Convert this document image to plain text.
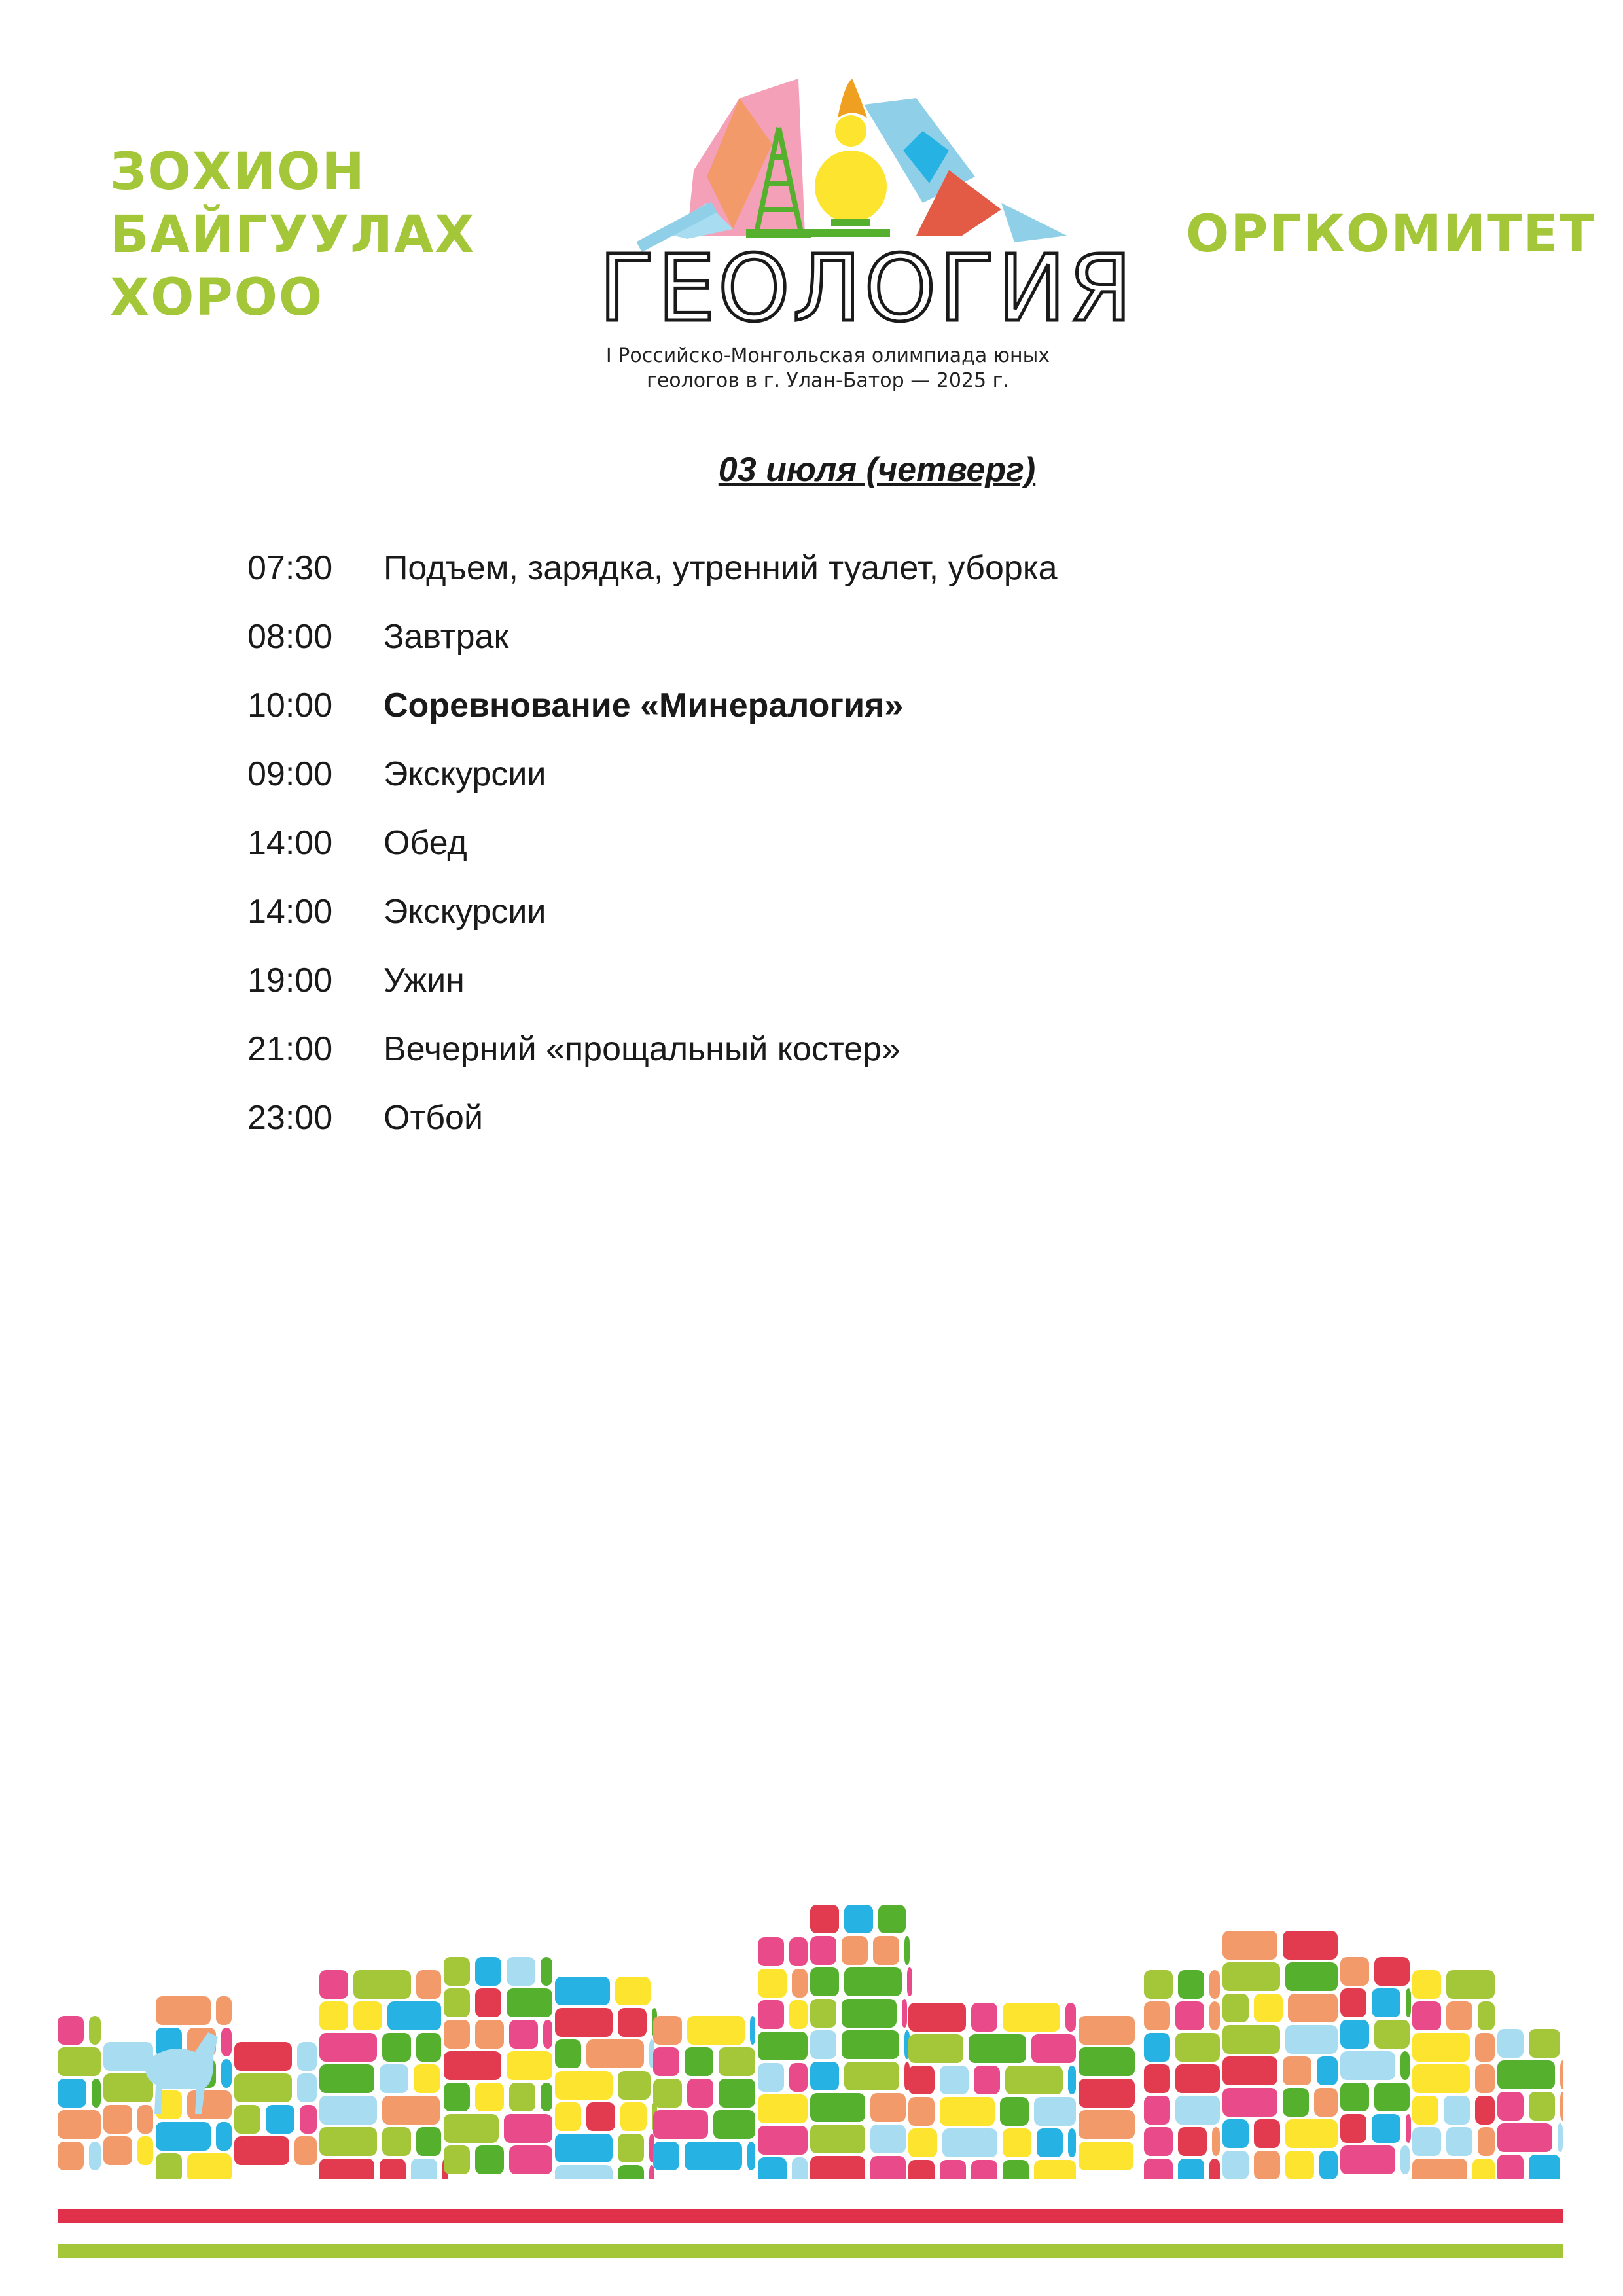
ЗОХИОН
БАЙГУУЛАХ
ХОРОО
ОРГКОМИТЕТ
ГЕОЛОГИЯ
I Российско-Монгольская олимпиада юных
геологов в г. Улан-Батор — 2025 г.
03 июля (четверг)
07:30	Подъем, зарядка, утренний туалет, уборка
08:00	Завтрак
10:00	Соревнование «Минералогия»
09:00	Экскурсии
14:00	Обед
14:00	Экскурсии
19:00	Ужин
21:00	Вечерний «прощальный костер»
23:00	Отбой
